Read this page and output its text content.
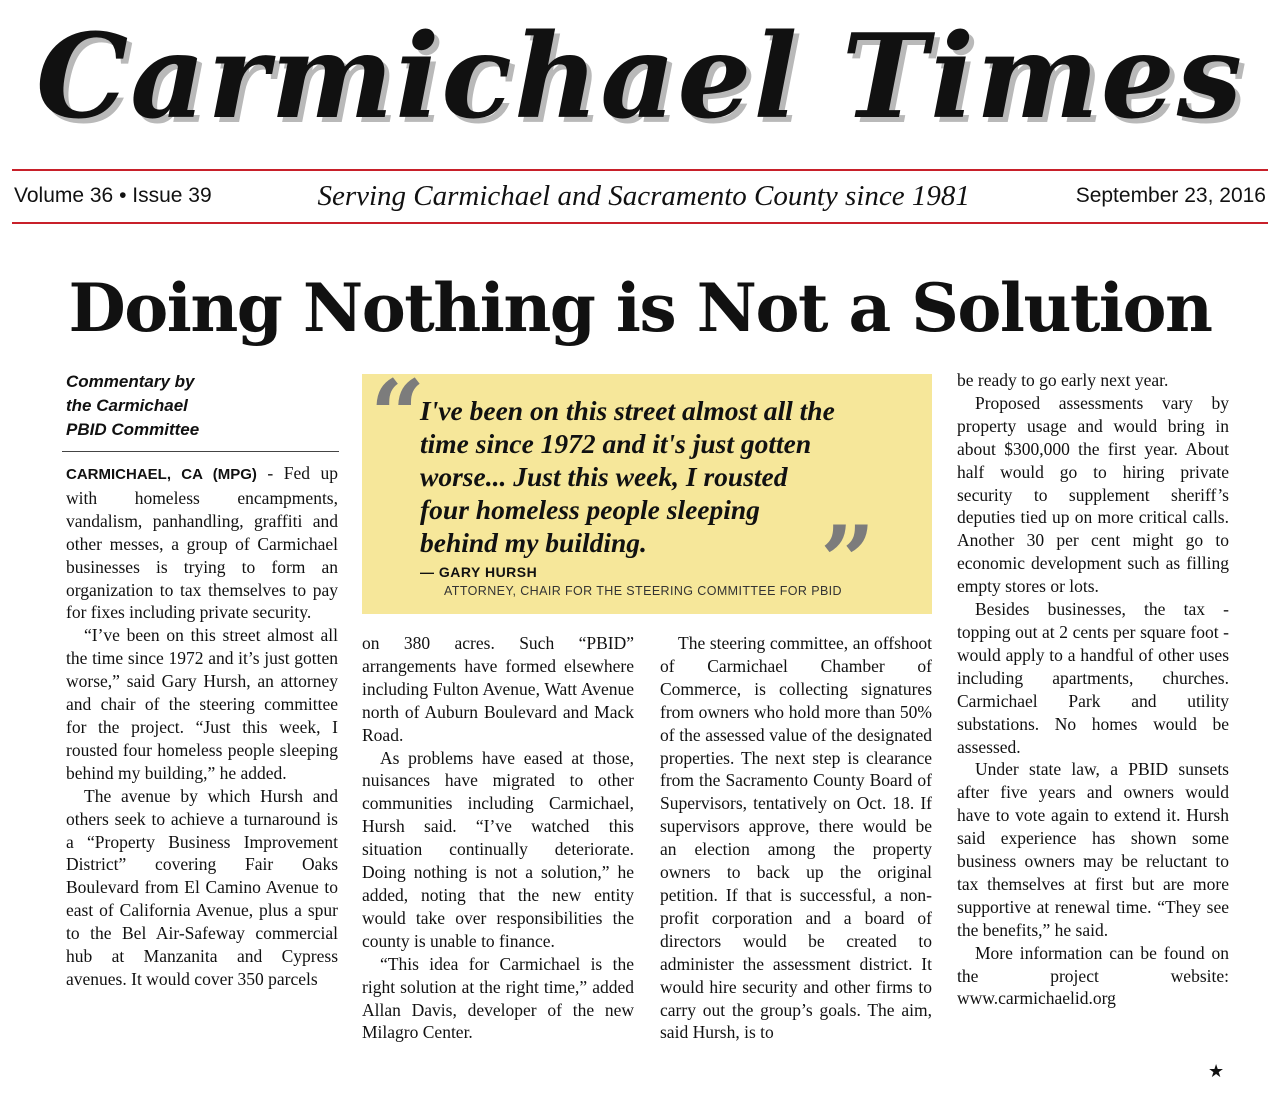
Carmichael Times
Volume 36 • Issue 39	Serving Carmichael and Sacramento County since 1981	September 23, 2016
Doing Nothing is Not a Solution
Commentary by
the Carmichael
PBID Committee

CARMICHAEL, CA (MPG) - Fed up with homeless encampments, vandalism, panhandling, graffiti and other messes, a group of Carmichael businesses is trying to form an organization to tax themselves to pay for fixes including private security.

“I’ve been on this street almost all the time since 1972 and it’s just gotten worse,” said Gary Hursh, an attorney and chair of the steering committee for the project. “Just this week, I rousted four homeless people sleeping behind my building,” he added.

The avenue by which Hursh and others seek to achieve a turnaround is a “Property Business Improvement District” covering Fair Oaks Boulevard from El Camino Avenue to east of California Avenue, plus a spur to the Bel Air-Safeway commercial hub at Manzanita and Cypress avenues. It would cover 350 parcels

“
I've been on this street almost all the time since 1972 and it's just gotten worse... Just this week, I rousted four homeless people sleeping behind my building.	”
— GARY HURSH
ATTORNEY, CHAIR FOR THE STEERING COMMITTEE FOR PBID

on 380 acres. Such “PBID” arrangements have formed elsewhere including Fulton Avenue, Watt Avenue north of Auburn Boulevard and Mack Road.

As problems have eased at those, nuisances have migrated to other communities including Carmichael, Hursh said. “I’ve watched this situation continually deteriorate. Doing nothing is not a solution,” he added, noting that the new entity would take over responsibilities the county is unable to finance.

“This idea for Carmichael is the right solution at the right time,” added Allan Davis, developer of the new Milagro Center.

The steering committee, an offshoot of Carmichael Chamber of Commerce, is collecting signatures from owners who hold more than 50% of the assessed value of the designated properties. The next step is clearance from the Sacramento County Board of Supervisors, tentatively on Oct. 18. If supervisors approve, there would be an election among the property owners to back up the original petition. If that is successful, a non-profit corporation and a board of directors would be created to administer the assessment district. It would hire security and other firms to carry out the group’s goals. The aim, said Hursh, is to

be ready to go early next year.

Proposed assessments vary by property usage and would bring in about $300,000 the first year. About half would go to hiring private security to supplement sheriff’s deputies tied up on more critical calls. Another 30 per cent might go to economic development such as filling empty stores or lots.

Besides businesses, the tax - topping out at 2 cents per square foot - would apply to a handful of other uses including apartments, churches. Carmichael Park and utility substations. No homes would be assessed.

Under state law, a PBID sunsets after five years and owners would have to vote again to extend it. Hursh said experience has shown some business owners may be reluctant to tax themselves at first but are more supportive at renewal time. “They see the benefits,” he said.

More information can be found on the project website: www.carmichaelid.org

★
